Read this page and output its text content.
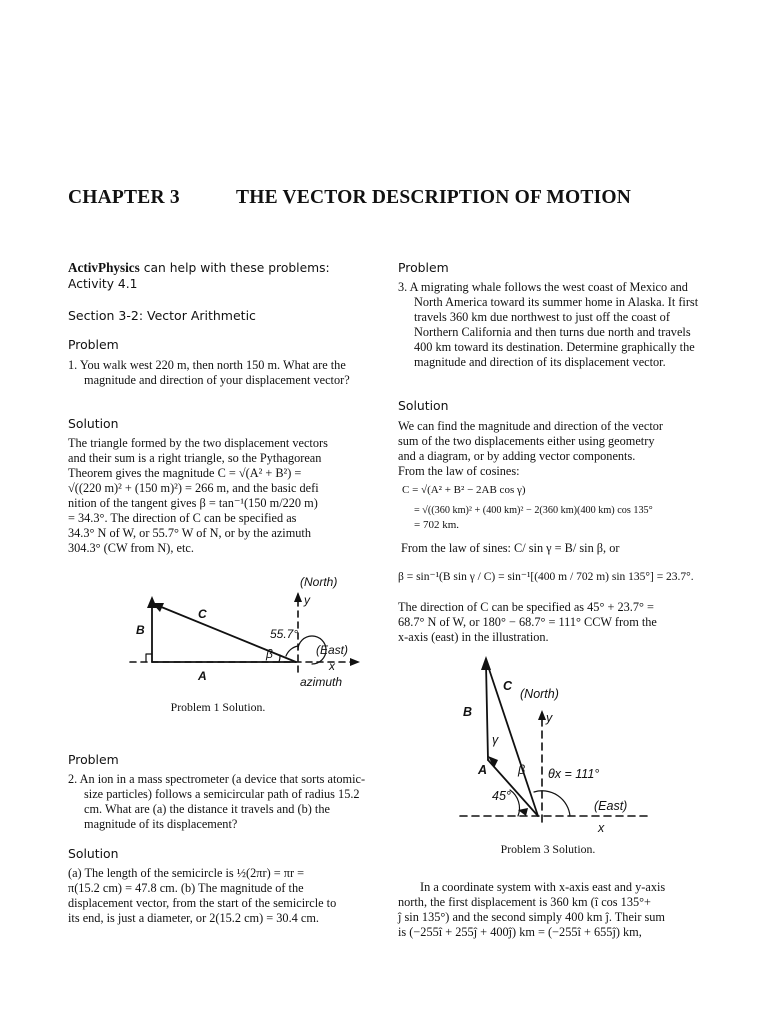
CHAPTER 3	THE VECTOR DESCRIPTION OF MOTION
ActivPhysics can help with these problems:
Activity 4.1
Section 3-2: Vector Arithmetic
Problem
1. You walk west 220 m, then north 150 m. What are the magnitude and direction of your displacement vector?
Solution
The triangle formed by the two displacement vectors
and their sum is a right triangle, so the Pythagorean
Theorem gives the magnitude C = √(A² + B²) =
√((220 m)² + (150 m)²) = 266 m, and the basic defi
nition of the tangent gives β = tan⁻¹(150 m/220 m)
= 34.3°. The direction of C can be specified as
34.3° N of W, or 55.7° W of N, or by the azimuth
304.3° (CW from N), etc.
(North)
y
(East)
x
azimuth
55.7°
β
B
C
A
Problem 1 Solution.
Problem
2. An ion in a mass spectrometer (a device that sorts atomic-size particles) follows a semicircular path of radius 15.2 cm. What are (a) the distance it travels and (b) the magnitude of its displacement?
Solution
(a) The length of the semicircle is ½(2πr) = πr =
π(15.2 cm) = 47.8 cm. (b) The magnitude of the
displacement vector, from the start of the semicircle to
its end, is just a diameter, or 2(15.2 cm) = 30.4 cm.
Problem
3. A migrating whale follows the west coast of Mexico and North America toward its summer home in Alaska. It first travels 360 km due northwest to just off the coast of Northern California and then turns due north and travels 400 km toward its destination. Determine graphically the magnitude and direction of its displacement vector.
Solution
We can find the magnitude and direction of the vector
sum of the two displacements either using geometry
and a diagram, or by adding vector components.
From the law of cosines:
C = √(A² + B² − 2AB cos γ)
= √((360 km)² + (400 km)² − 2(360 km)(400 km) cos 135°
= 702 km.
From the law of sines: C/ sin γ = B/ sin β, or
β = sin⁻¹(B sin γ / C) = sin⁻¹[(400 m / 702 m) sin 135°] = 23.7°.
The direction of C can be specified as 45° + 23.7° =
68.7° N of W, or 180° − 68.7° = 111° CCW from the
x-axis (east) in the illustration.
(North)
y
(East)
x
θx = 111°
γ
β
45°
B
C
A
Problem 3 Solution.
In a coordinate system with x-axis east and y-axis
north, the first displacement is 360 km (î cos 135°+
ĵ sin 135°) and the second simply 400 km ĵ. Their sum
is (−255î + 255ĵ + 400ĵ) km = (−255î + 655ĵ) km,
